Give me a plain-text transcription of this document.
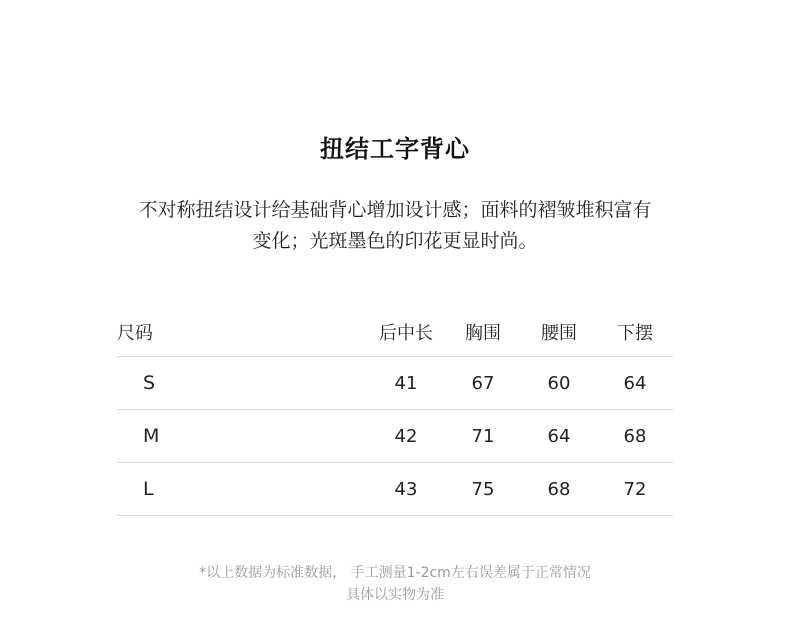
扭结工字背心
不对称扭结设计给基础背心增加设计感；面料的褶皱堆积富有
变化；光斑墨色的印花更显时尚。
尺码	后中长	胸围	腰围	下摆
S	41	67	60	64
M	42	71	64	68
L	43	75	68	72
*以上数据为标准数据， 手工测量1-2cm左右误差属于正常情况
具体以实物为准
